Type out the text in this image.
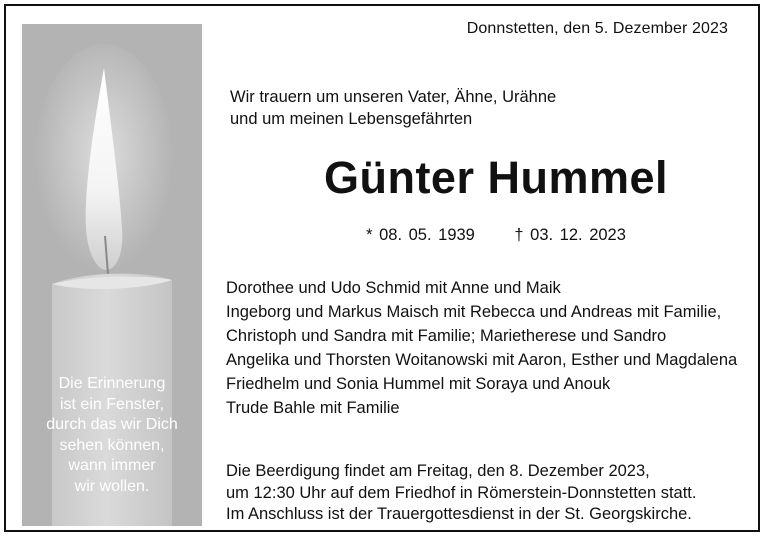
Die Erinnerung
ist ein Fenster,
durch das wir Dich
sehen können,
wann immer
wir wollen.
Donnstetten, den 5. Dezember 2023
Wir trauern um unseren Vater, Ähne, Urähne
und um meinen Lebensgefährten
Günter Hummel
* 08. 05. 1939 † 03. 12. 2023
Dorothee und Udo Schmid mit Anne und Maik
Ingeborg und Markus Maisch mit Rebecca und Andreas mit Familie,
Christoph und Sandra mit Familie; Marietherese und Sandro
Angelika und Thorsten Woitanowski mit Aaron, Esther und Magdalena
Friedhelm und Sonia Hummel mit Soraya und Anouk
Trude Bahle mit Familie
Die Beerdigung findet am Freitag, den 8. Dezember 2023,
um 12:30 Uhr auf dem Friedhof in Römerstein-Donnstetten statt.
Im Anschluss ist der Trauergottesdienst in der St. Georgskirche.
